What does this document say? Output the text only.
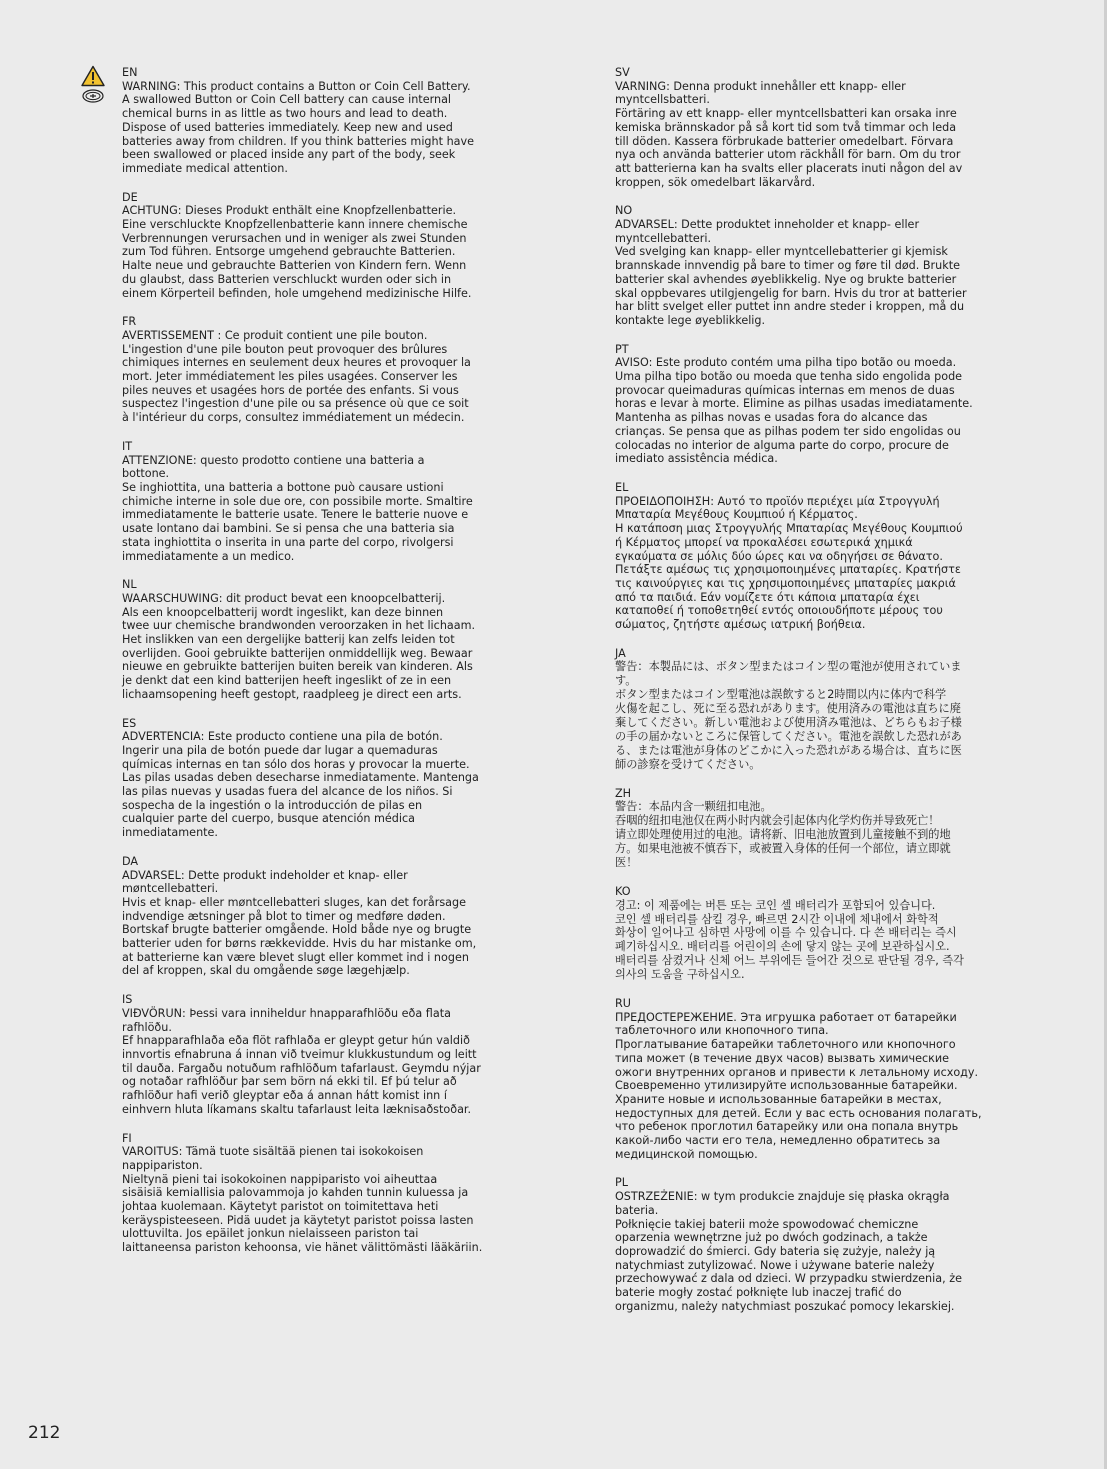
EN
WARNING: This product contains a Button or Coin Cell Battery.
A swallowed Button or Coin Cell battery can cause internal
chemical burns in as little as two hours and lead to death.
Dispose of used batteries immediately. Keep new and used
batteries away from children. If you think batteries might have
been swallowed or placed inside any part of the body, seek
immediate medical attention.
DE
ACHTUNG: Dieses Produkt enthält eine Knopfzellenbatterie.
Eine verschluckte Knopfzellenbatterie kann innere chemische
Verbrennungen verursachen und in weniger als zwei Stunden
zum Tod führen. Entsorge umgehend gebrauchte Batterien.
Halte neue und gebrauchte Batterien von Kindern fern. Wenn
du glaubst, dass Batterien verschluckt wurden oder sich in
einem Körperteil befinden, hole umgehend medizinische Hilfe.
FR
AVERTISSEMENT : Ce produit contient une pile bouton.
L'ingestion d'une pile bouton peut provoquer des brûlures
chimiques internes en seulement deux heures et provoquer la
mort. Jeter immédiatement les piles usagées. Conserver les
piles neuves et usagées hors de portée des enfants. Si vous
suspectez l'ingestion d'une pile ou sa présence où que ce soit
à l'intérieur du corps, consultez immédiatement un médecin.
IT
ATTENZIONE: questo prodotto contiene una batteria a
bottone.
Se inghiottita, una batteria a bottone può causare ustioni
chimiche interne in sole due ore, con possibile morte. Smaltire
immediatamente le batterie usate. Tenere le batterie nuove e
usate lontano dai bambini. Se si pensa che una batteria sia
stata inghiottita o inserita in una parte del corpo, rivolgersi
immediatamente a un medico.
NL
WAARSCHUWING: dit product bevat een knoopcelbatterij.
Als een knoopcelbatterij wordt ingeslikt, kan deze binnen
twee uur chemische brandwonden veroorzaken in het lichaam.
Het inslikken van een dergelijke batterij kan zelfs leiden tot
overlijden. Gooi gebruikte batterijen onmiddellijk weg. Bewaar
nieuwe en gebruikte batterijen buiten bereik van kinderen. Als
je denkt dat een kind batterijen heeft ingeslikt of ze in een
lichaamsopening heeft gestopt, raadpleeg je direct een arts.
ES
ADVERTENCIA: Este producto contiene una pila de botón.
Ingerir una pila de botón puede dar lugar a quemaduras
químicas internas en tan sólo dos horas y provocar la muerte.
Las pilas usadas deben desecharse inmediatamente. Mantenga
las pilas nuevas y usadas fuera del alcance de los niños. Si
sospecha de la ingestión o la introducción de pilas en
cualquier parte del cuerpo, busque atención médica
inmediatamente.
DA
ADVARSEL: Dette produkt indeholder et knap- eller
møntcellebatteri.
Hvis et knap- eller møntcellebatteri sluges, kan det forårsage
indvendige ætsninger på blot to timer og medføre døden.
Bortskaf brugte batterier omgående. Hold både nye og brugte
batterier uden for børns rækkevidde. Hvis du har mistanke om,
at batterierne kan være blevet slugt eller kommet ind i nogen
del af kroppen, skal du omgående søge lægehjælp.
IS
VIÐVÖRUN: Þessi vara inniheldur hnapparafhlöðu eða flata
rafhlöðu.
Ef hnapparafhlaða eða flöt rafhlaða er gleypt getur hún valdið
innvortis efnabruna á innan við tveimur klukkustundum og leitt
til dauða. Fargaðu notuðum rafhlöðum tafarlaust. Geymdu nýjar
og notaðar rafhlöður þar sem börn ná ekki til. Ef þú telur að
rafhlöður hafi verið gleyptar eða á annan hátt komist inn í
einhvern hluta líkamans skaltu tafarlaust leita læknisaðstoðar.
FI
VAROITUS: Tämä tuote sisältää pienen tai isokokoisen
nappipariston.
Nieltynä pieni tai isokokoinen nappiparisto voi aiheuttaa
sisäisiä kemiallisia palovammoja jo kahden tunnin kuluessa ja
johtaa kuolemaan. Käytetyt paristot on toimitettava heti
keräyspisteeseen. Pidä uudet ja käytetyt paristot poissa lasten
ulottuvilta. Jos epäilet jonkun nielaisseen pariston tai
laittaneensa pariston kehoonsa, vie hänet välittömästi lääkäriin.
SV
VARNING: Denna produkt innehåller ett knapp- eller
myntcellsbatteri.
Förtäring av ett knapp- eller myntcellsbatteri kan orsaka inre
kemiska brännskador på så kort tid som två timmar och leda
till döden. Kassera förbrukade batterier omedelbart. Förvara
nya och använda batterier utom räckhåll för barn. Om du tror
att batterierna kan ha svalts eller placerats inuti någon del av
kroppen, sök omedelbart läkarvård.
NO
ADVARSEL: Dette produktet inneholder et knapp- eller
myntcellebatteri.
Ved svelging kan knapp- eller myntcellebatterier gi kjemisk
brannskade innvendig på bare to timer og føre til død. Brukte
batterier skal avhendes øyeblikkelig. Nye og brukte batterier
skal oppbevares utilgjengelig for barn. Hvis du tror at batterier
har blitt svelget eller puttet inn andre steder i kroppen, må du
kontakte lege øyeblikkelig.
PT
AVISO: Este produto contém uma pilha tipo botão ou moeda.
Uma pilha tipo botão ou moeda que tenha sido engolida pode
provocar queimaduras químicas internas em menos de duas
horas e levar à morte. Elimine as pilhas usadas imediatamente.
Mantenha as pilhas novas e usadas fora do alcance das
crianças. Se pensa que as pilhas podem ter sido engolidas ou
colocadas no interior de alguma parte do corpo, procure de
imediato assistência médica.
EL
ΠΡΟΕΙΔΟΠΟΙΗΣΗ: Αυτό το προϊόν περιέχει μία Στρογγυλή
Μπαταρία Μεγέθους Κουμπιού ή Κέρματος.
Η κατάποση μιας Στρογγυλής Μπαταρίας Μεγέθους Κουμπιού
ή Κέρματος μπορεί να προκαλέσει εσωτερικά χημικά
εγκαύματα σε μόλις δύο ώρες και να οδηγήσει σε θάνατο.
Πετάξτε αμέσως τις χρησιμοποιημένες μπαταρίες. Κρατήστε
τις καινούργιες και τις χρησιμοποιημένες μπαταρίες μακριά
από τα παιδιά. Εάν νομίζετε ότι κάποια μπαταρία έχει
καταποθεί ή τοποθετηθεί εντός οποιουδήποτε μέρους του
σώματος, ζητήστε αμέσως ιατρική βοήθεια.
JA
警告：本製品には、ボタン型またはコイン型の電池が使用されていま
す。
ボタン型またはコイン型電池は誤飲すると2時間以内に体内で科学
火傷を起こし、死に至る恐れがあります。使用済みの電池は直ちに廃
棄してください。新しい電池および使用済み電池は、どちらもお子様
の手の届かないところに保管してください。電池を誤飲した恐れがあ
る、または電池が身体のどこかに入った恐れがある場合は、直ちに医
師の診察を受けてください。
ZH
警告：本品内含一颗纽扣电池。
吞咽的纽扣电池仅在两小时内就会引起体内化学灼伤并导致死亡！
请立即处理使用过的电池。请将新、旧电池放置到儿童接触不到的地
方。如果电池被不慎吞下，或被置入身体的任何一个部位，请立即就
医！
KO
경고: 이 제품에는 버튼 또는 코인 셀 배터리가 포함되어 있습니다.
코인 셀 배터리를 삼킬 경우, 빠르면 2시간 이내에 체내에서 화학적
화상이 일어나고 심하면 사망에 이를 수 있습니다. 다 쓴 배터리는 즉시
폐기하십시오. 배터리를 어린이의 손에 닿지 않는 곳에 보관하십시오.
배터리를 삼켰거나 신체 어느 부위에든 들어간 것으로 판단될 경우, 즉각
의사의 도움을 구하십시오.
RU
ПРЕДОСТЕРЕЖЕНИЕ. Эта игрушка работает от батарейки
таблеточного или кнопочного типа.
Проглатывание батарейки таблеточного или кнопочного
типа может (в течение двух часов) вызвать химические
ожоги внутренних органов и привести к летальному исходу.
Своевременно утилизируйте использованные батарейки.
Храните новые и использованные батарейки в местах,
недоступных для детей. Если у вас есть основания полагать,
что ребенок проглотил батарейку или она попала внутрь
какой-либо части его тела, немедленно обратитесь за
медицинской помощью.
PL
OSTRZEŻENIE: w tym produkcie znajduje się płaska okrągła
bateria.
Połknięcie takiej baterii może spowodować chemiczne
oparzenia wewnętrzne już po dwóch godzinach, a także
doprowadzić do śmierci. Gdy bateria się zużyje, należy ją
natychmiast zutylizować. Nowe i używane baterie należy
przechowywać z dala od dzieci. W przypadku stwierdzenia, że
baterie mogły zostać połknięte lub inaczej trafić do
organizmu, należy natychmiast poszukać pomocy lekarskiej.
212
